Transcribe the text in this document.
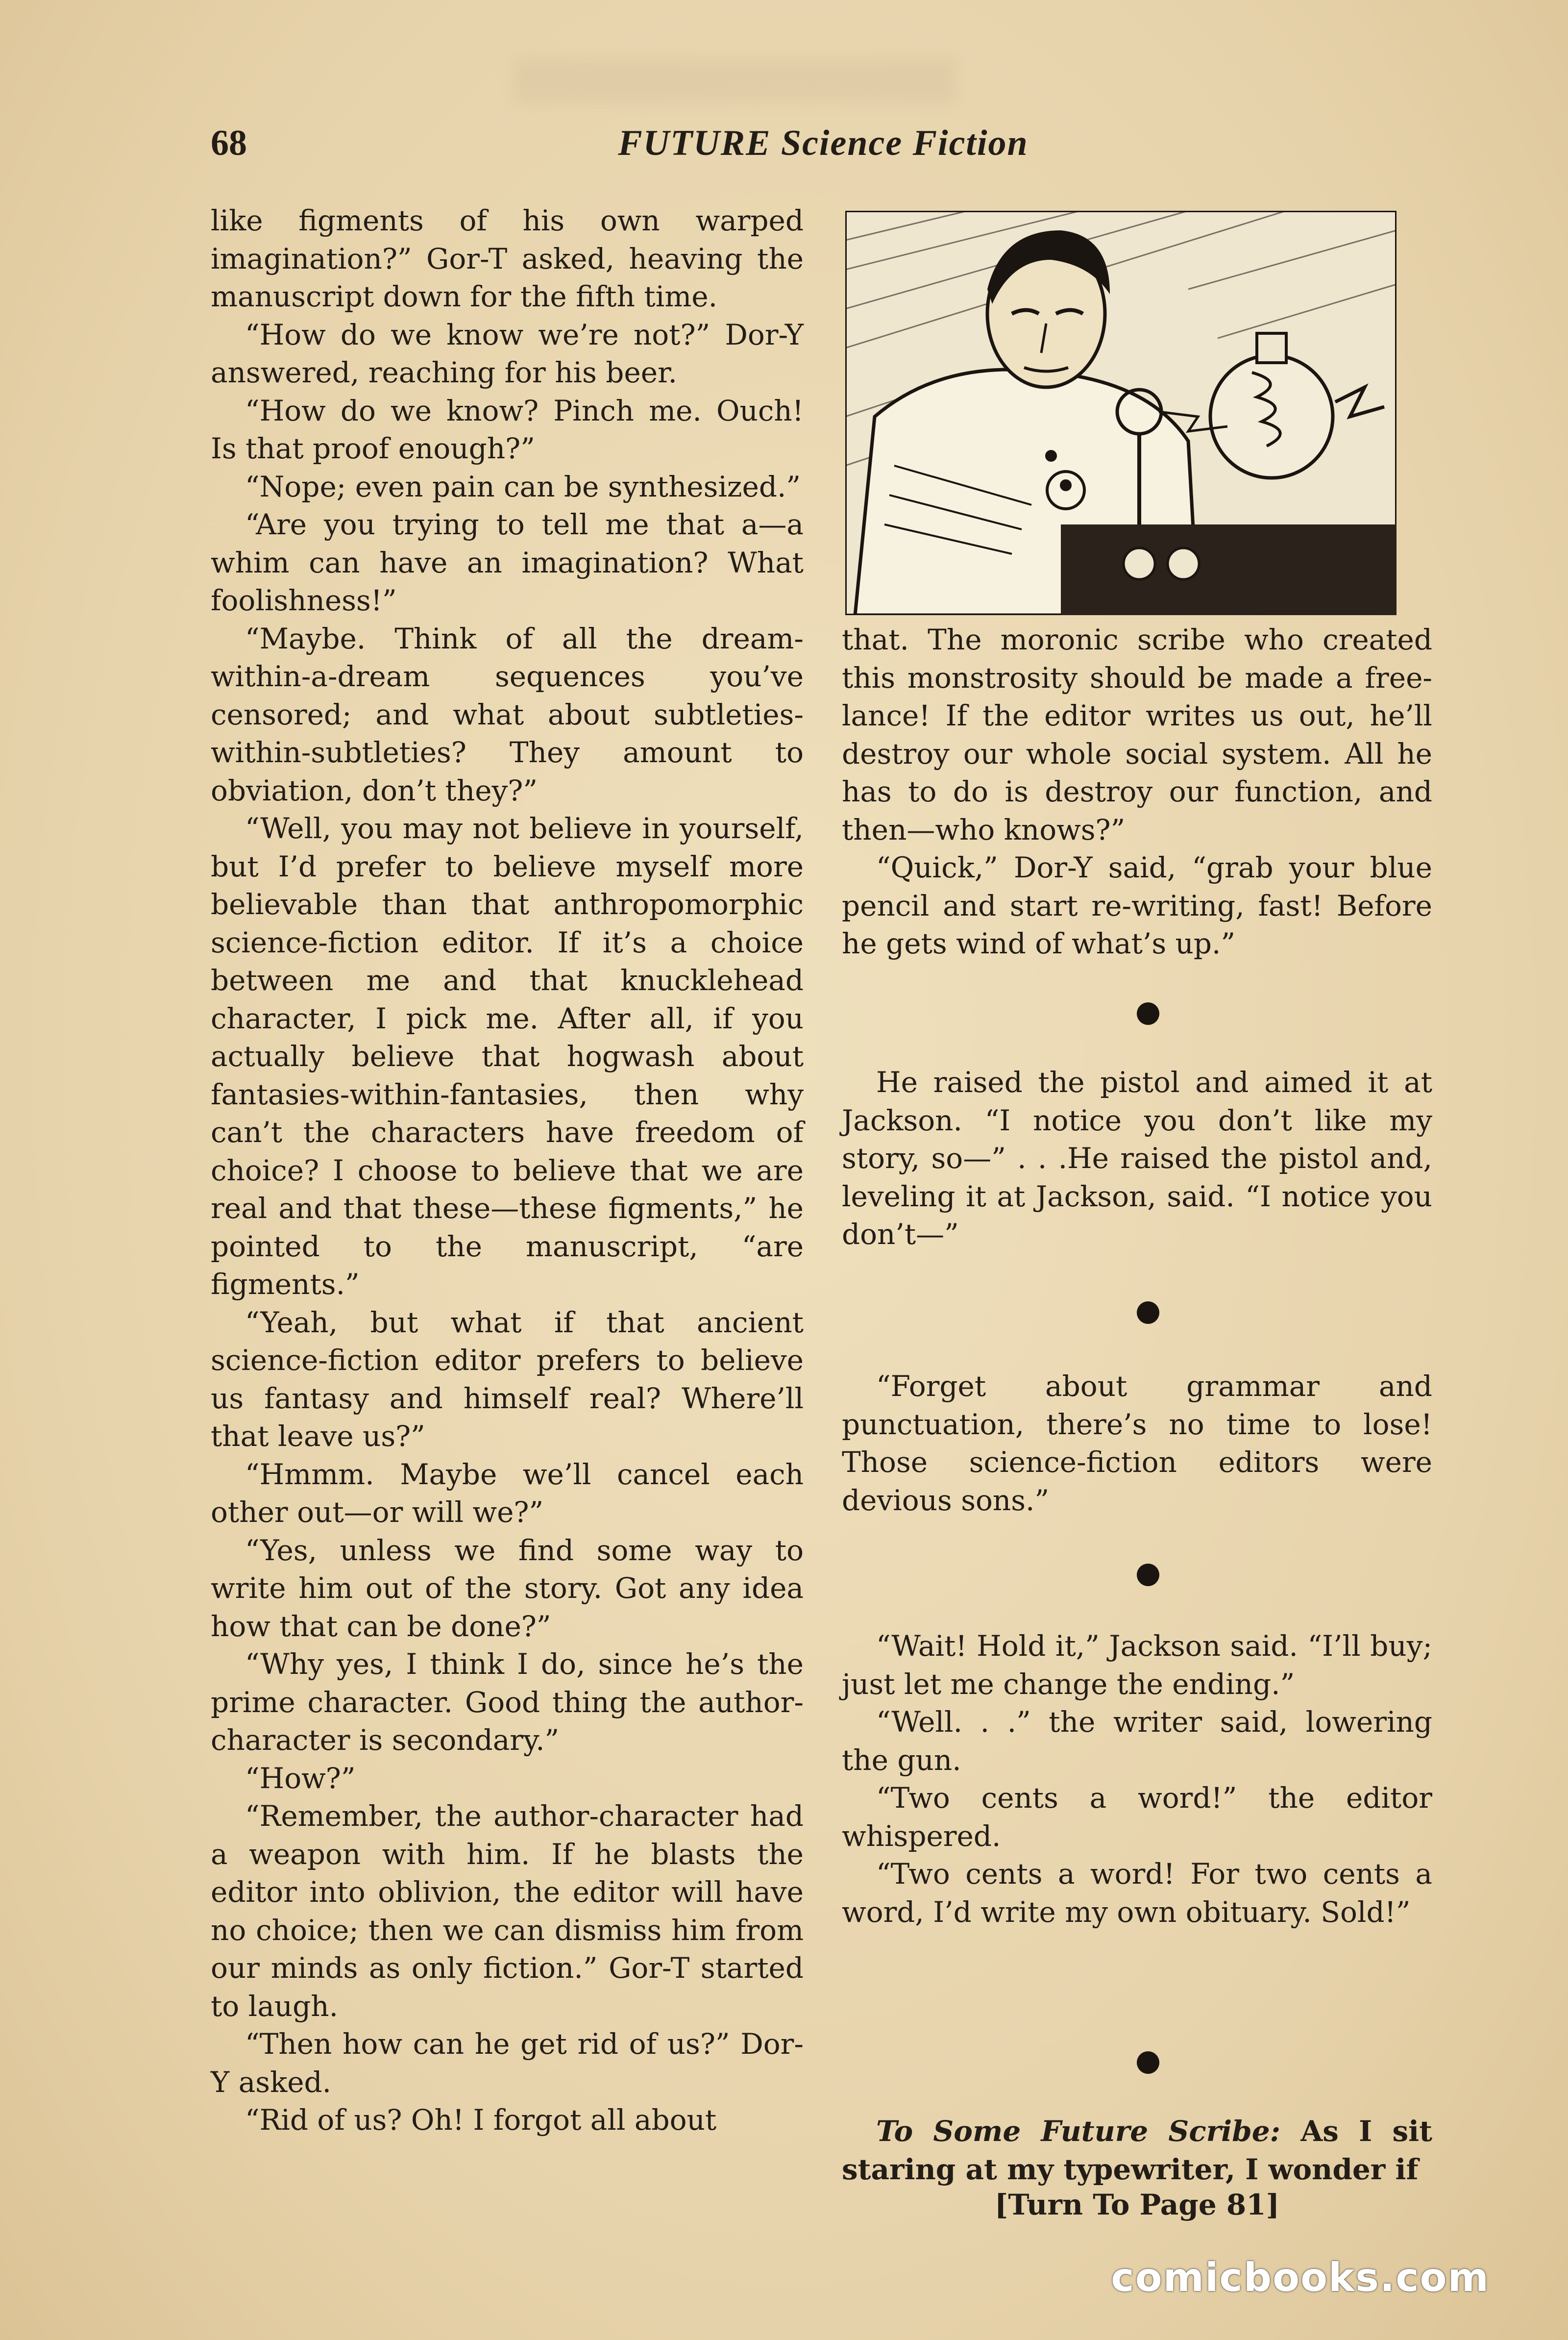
68	FUTURE Science Fiction

like figments of his own warped imagination?” Gor-T asked, heaving the manuscript down for the fifth time.

“How do we know we’re not?” Dor-Y answered, reaching for his beer.

“How do we know? Pinch me. Ouch! Is that proof enough?”

“Nope; even pain can be synthesized.”

“Are you trying to tell me that a—a whim can have an imagination? What foolishness!”

“Maybe. Think of all the dream-within-a-dream sequences you’ve censored; and what about subtleties-within-subtleties? They amount to obviation, don’t they?”

“Well, you may not believe in yourself, but I’d prefer to believe myself more believable than that anthropomorphic science-fiction editor. If it’s a choice between me and that knucklehead character, I pick me. After all, if you actually believe that hogwash about fantasies-within-fantasies, then why can’t the characters have freedom of choice? I choose to believe that we are real and that these—these figments,” he pointed to the manuscript, “are figments.”

“Yeah, but what if that ancient science-fiction editor prefers to believe us fantasy and himself real? Where’ll that leave us?”

“Hmmm. Maybe we’ll cancel each other out—or will we?”

“Yes, unless we find some way to write him out of the story. Got any idea how that can be done?”

“Why yes, I think I do, since he’s the prime character. Good thing the author-character is secondary.”

“How?”

“Remember, the author-character had a weapon with him. If he blasts the editor into oblivion, the editor will have no choice; then we can dismiss him from our minds as only fiction.” Gor-T started to laugh.

“Then how can he get rid of us?” Dor-Y asked.

“Rid of us? Oh! I forgot all about

that. The moronic scribe who created this monstrosity should be made a free-lance! If the editor writes us out, he’ll destroy our whole social system. All he has to do is destroy our function, and then—who knows?”

“Quick,” Dor-Y said, “grab your blue pencil and start re-writing, fast! Before he gets wind of what’s up.”

He raised the pistol and aimed it at Jackson. “I notice you don’t like my story, so—” . . .He raised the pistol and, leveling it at Jackson, said. “I notice you don’t—”

“Forget about grammar and punctuation, there’s no time to lose! Those science-fiction editors were devious sons.”

“Wait! Hold it,” Jackson said. “I’ll buy; just let me change the ending.”

“Well. . .” the writer said, lowering the gun.

“Two cents a word!” the editor whispered.

“Two cents a word! For two cents a word, I’d write my own obituary. Sold!”

To Some Future Scribe: As I sit staring at my typewriter, I wonder if

[Turn To Page 81]
comicbooks.com
